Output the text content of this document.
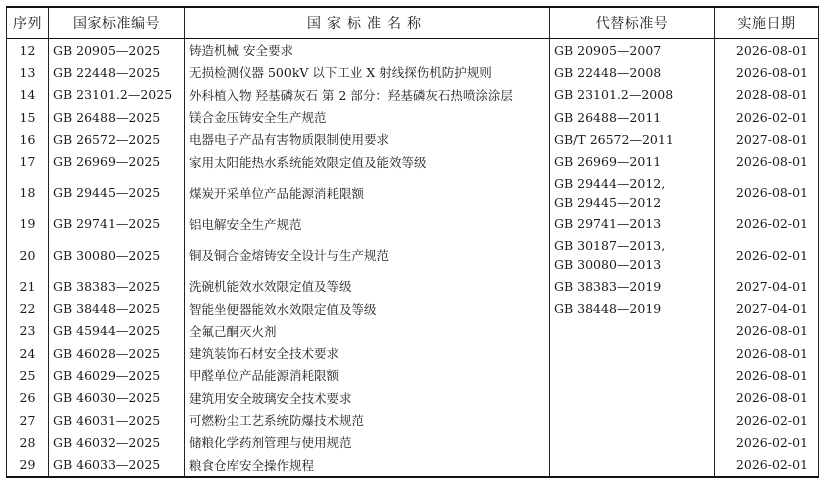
序列	国家标准编号	国家标准名称	代替标准号	实施日期
12	GB 20905—2025	铸造机械 安全要求	GB 20905—2007	2026-08-01
13	GB 22448—2025	无损检测仪器 500kV 以下工业 X 射线探伤机防护规则	GB 22448—2008	2026-08-01
14	GB 23101.2—2025	外科植入物 羟基磷灰石 第 2 部分：羟基磷灰石热喷涂涂层	GB 23101.2—2008	2028-08-01
15	GB 26488—2025	镁合金压铸安全生产规范	GB 26488—2011	2026-02-01
16	GB 26572—2025	电器电子产品有害物质限制使用要求	GB/T 26572—2011	2027-08-01
17	GB 26969—2025	家用太阳能热水系统能效限定值及能效等级	GB 26969—2011	2026-08-01
18	GB 29445—2025	煤炭开采单位产品能源消耗限额	GB 29444—2012,
GB 29445—2012	2026-08-01
19	GB 29741—2025	铝电解安全生产规范	GB 29741—2013	2026-02-01
20	GB 30080—2025	铜及铜合金熔铸安全设计与生产规范	GB 30187—2013,
GB 30080—2013	2026-02-01
21	GB 38383—2025	洗碗机能效水效限定值及等级	GB 38383—2019	2027-04-01
22	GB 38448—2025	智能坐便器能效水效限定值及等级	GB 38448—2019	2027-04-01
23	GB 45944—2025	全氟己酮灭火剂		2026-08-01
24	GB 46028—2025	建筑装饰石材安全技术要求		2026-08-01
25	GB 46029—2025	甲醛单位产品能源消耗限额		2026-08-01
26	GB 46030—2025	建筑用安全玻璃安全技术要求		2026-08-01
27	GB 46031—2025	可燃粉尘工艺系统防爆技术规范		2026-02-01
28	GB 46032—2025	储粮化学药剂管理与使用规范		2026-02-01
29	GB 46033—2025	粮食仓库安全操作规程		2026-02-01
